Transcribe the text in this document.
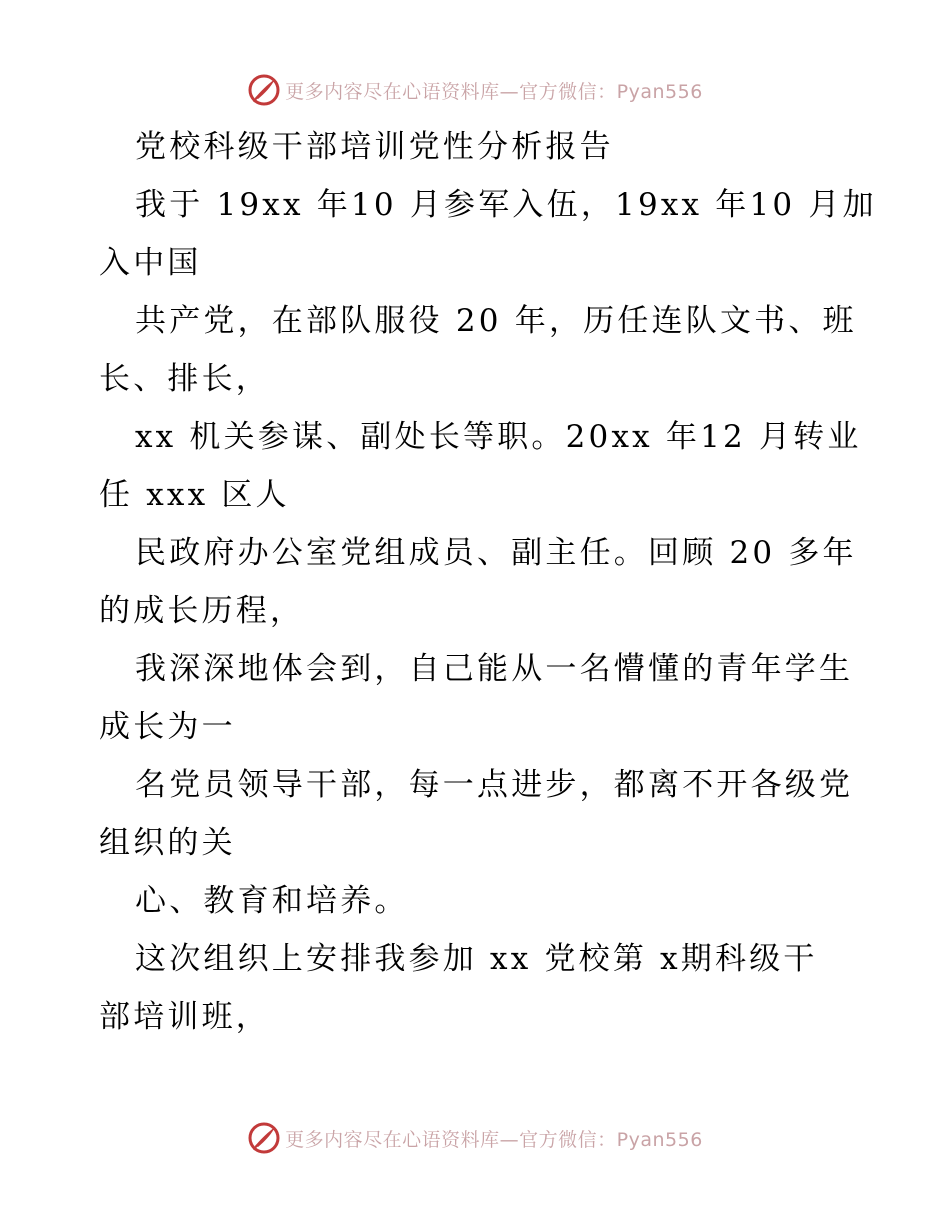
更多内容尽在心语资料库—官方微信：Pyan556
党校科级干部培训党性分析报告
我于 19xx 年10 月参军入伍，19xx 年10 月加
入中国
共产党，在部队服役 20 年，历任连队文书、班
长、排长，
xx 机关参谋、副处长等职。20xx 年12 月转业
任 xxx 区人
民政府办公室党组成员、副主任。回顾 20 多年
的成长历程，
我深深地体会到，自己能从一名懵懂的青年学生
成长为一
名党员领导干部，每一点进步，都离不开各级党
组织的关
心、教育和培养。
这次组织上安排我参加 xx 党校第 x期科级干
部培训班，
更多内容尽在心语资料库—官方微信：Pyan556
